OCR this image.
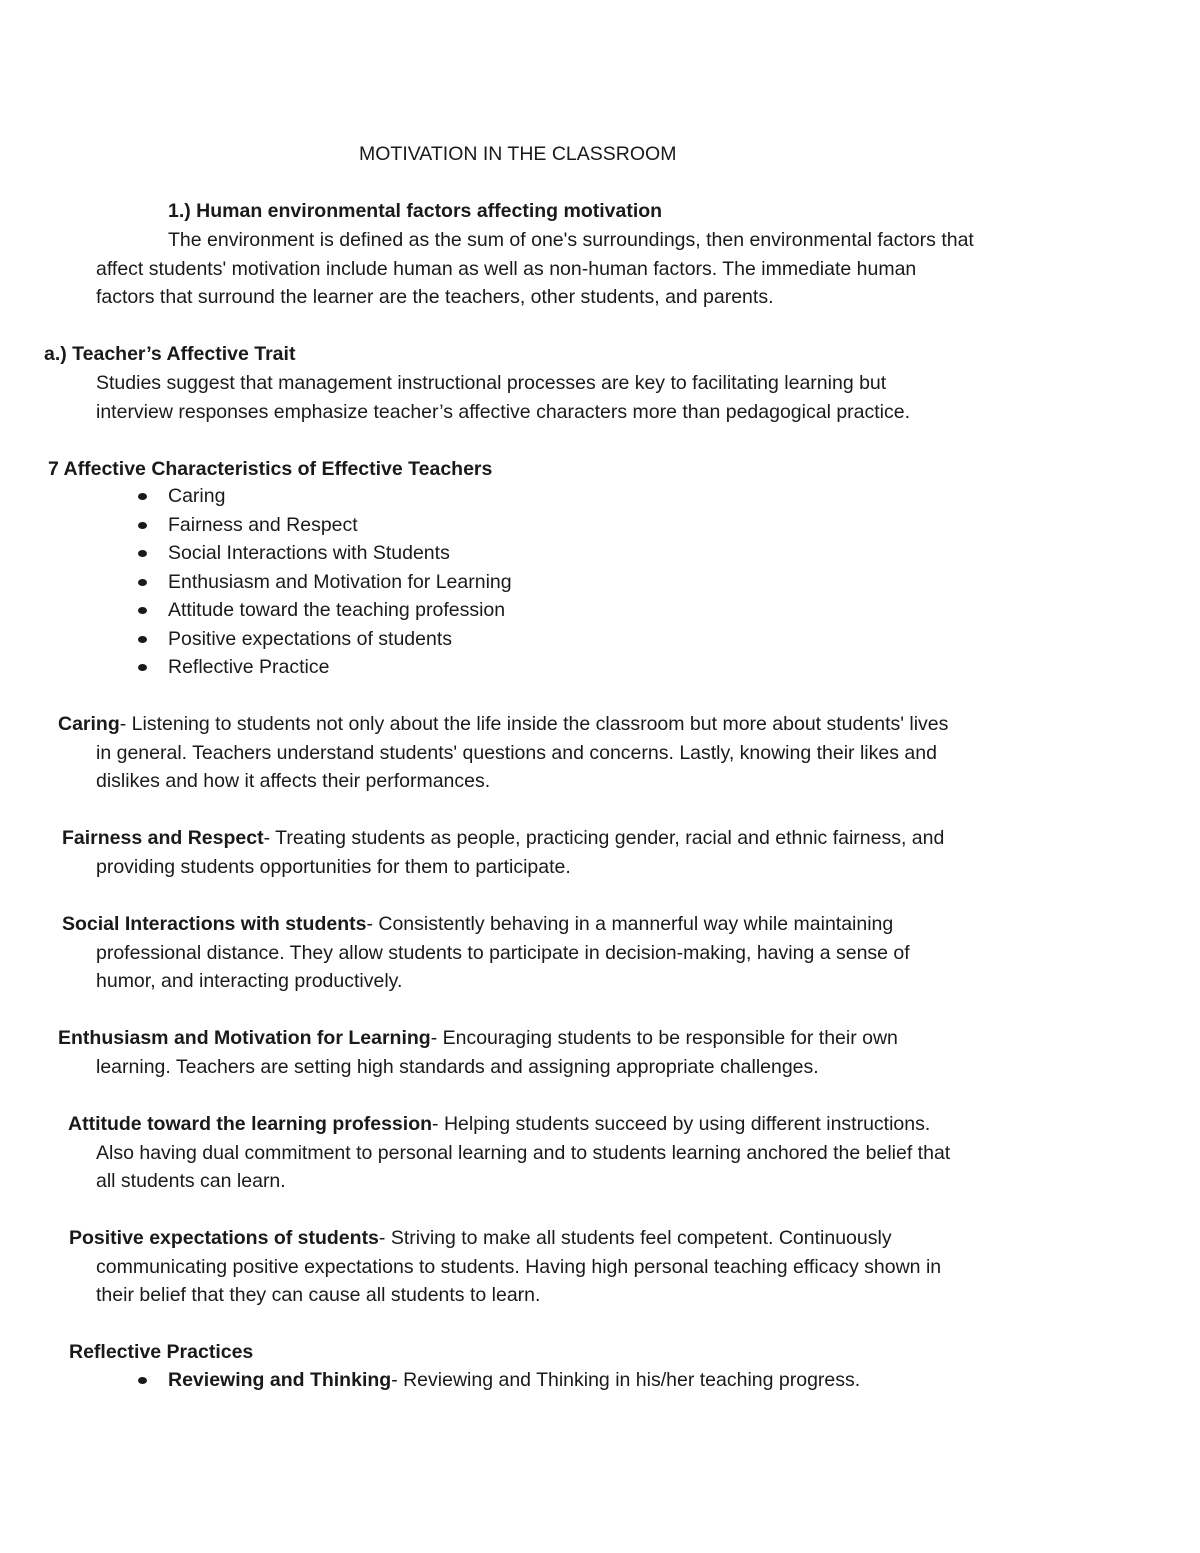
MOTIVATION IN THE CLASSROOM
1.) Human environmental factors affecting motivation
The environment is defined as the sum of one's surroundings, then environmental factors that
affect students' motivation include human as well as non-human factors. The immediate human
factors that surround the learner are the teachers, other students, and parents.
a.) Teacher’s Affective Trait
Studies suggest that management instructional processes are key to facilitating learning but
interview responses emphasize teacher’s affective characters more than pedagogical practice.
7 Affective Characteristics of Effective Teachers
Caring
Fairness and Respect
Social Interactions with Students
Enthusiasm and Motivation for Learning
Attitude toward the teaching profession
Positive expectations of students
Reflective Practice
Caring- Listening to students not only about the life inside the classroom but more about students' lives
in general. Teachers understand students' questions and concerns. Lastly, knowing their likes and
dislikes and how it affects their performances.
Fairness and Respect- Treating students as people, practicing gender, racial and ethnic fairness, and
providing students opportunities for them to participate.
Social Interactions with students- Consistently behaving in a mannerful way while maintaining
professional distance. They allow students to participate in decision-making, having a sense of
humor, and interacting productively.
Enthusiasm and Motivation for Learning- Encouraging students to be responsible for their own
learning. Teachers are setting high standards and assigning appropriate challenges.
Attitude toward the learning profession- Helping students succeed by using different instructions.
Also having dual commitment to personal learning and to students learning anchored the belief that
all students can learn.
Positive expectations of students- Striving to make all students feel competent. Continuously
communicating positive expectations to students. Having high personal teaching efficacy shown in
their belief that they can cause all students to learn.
Reflective Practices
Reviewing and Thinking- Reviewing and Thinking in his/her teaching progress.
